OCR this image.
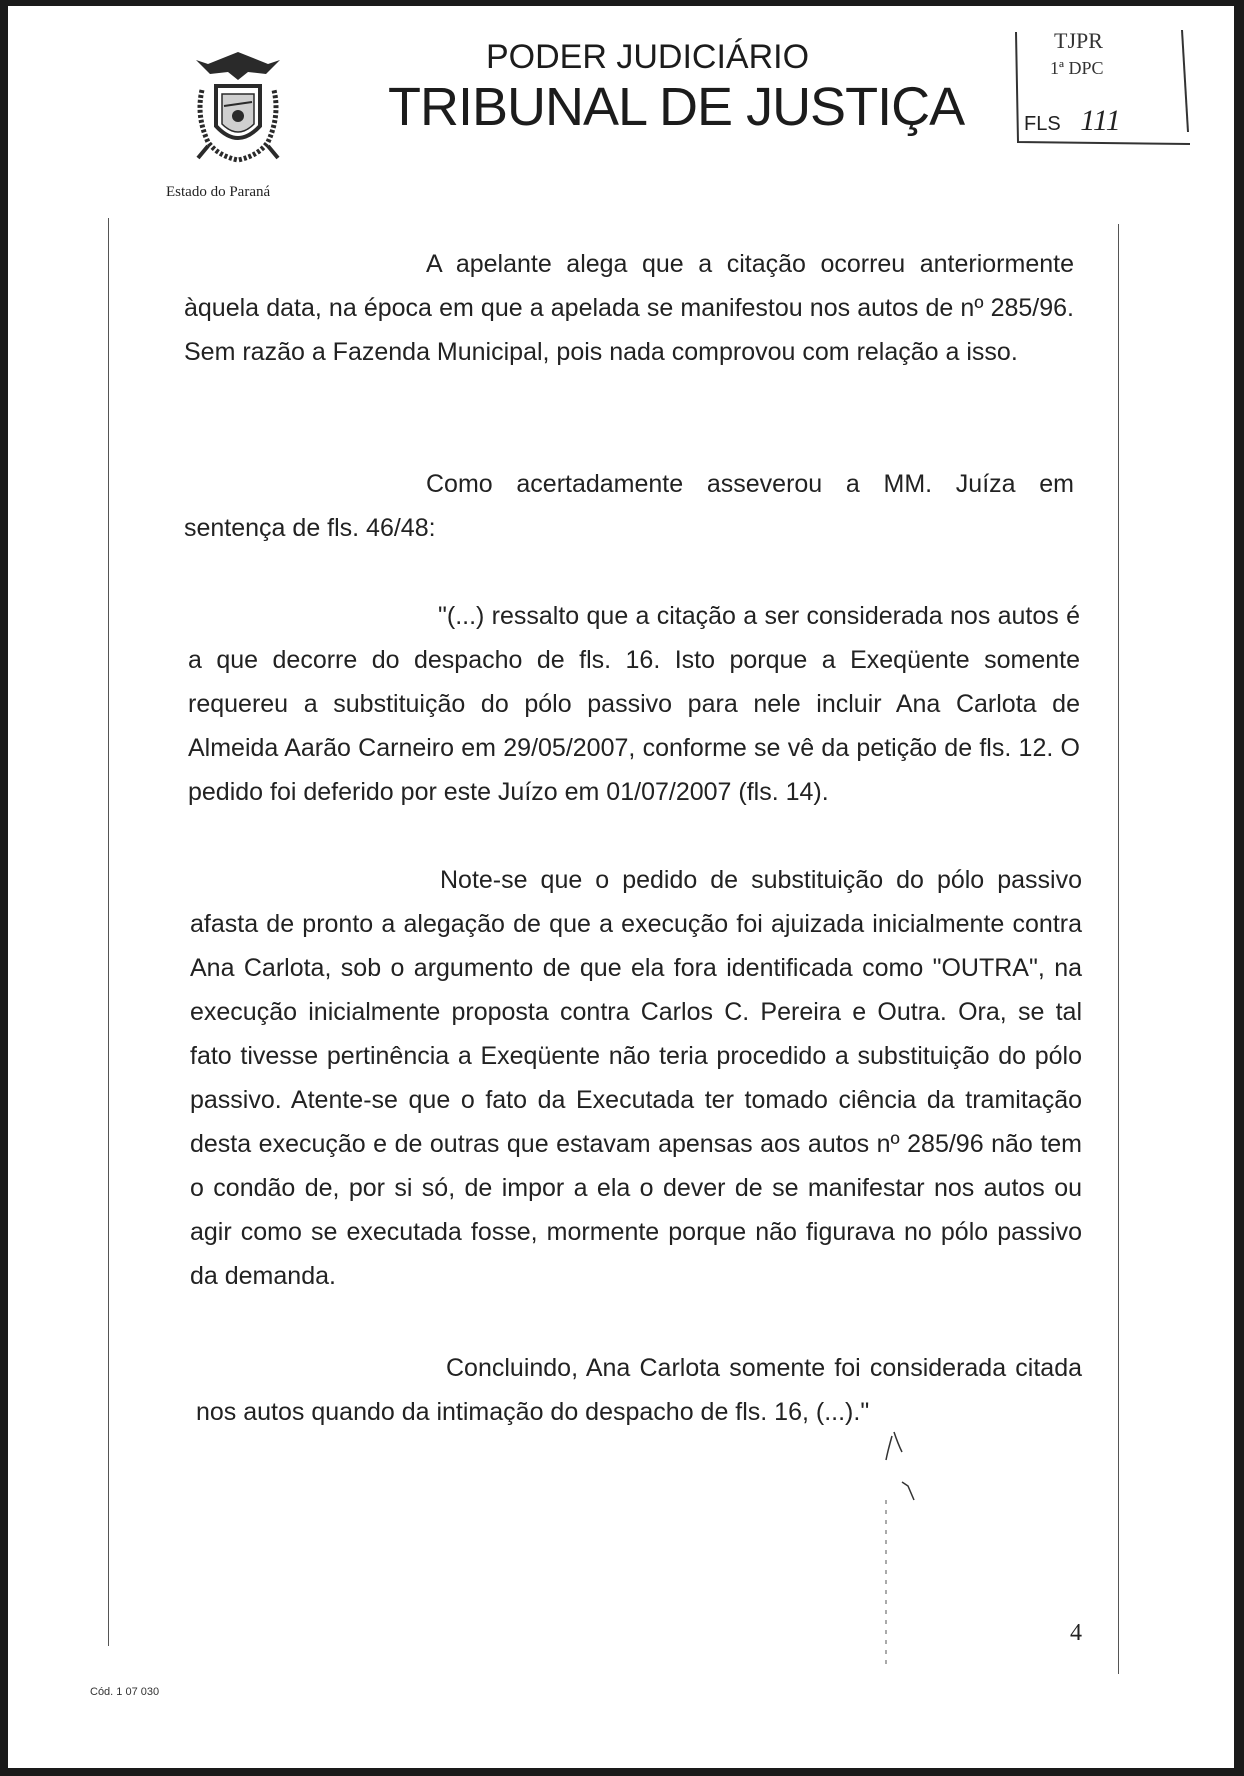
PODER JUDICIÁRIO
TRIBUNAL DE JUSTIÇA
Estado do Paraná
TJPR
1ª DPC
FLS 111

A apelante alega que a citação ocorreu anteriormente àquela data, na época em que a apelada se manifestou nos autos de nº 285/96. Sem razão a Fazenda Municipal, pois nada comprovou com relação a isso.

Como acertadamente asseverou a MM. Juíza em sentença de fls. 46/48:

"(...) ressalto que a citação a ser considerada nos autos é a que decorre do despacho de fls. 16. Isto porque a Exeqüente somente requereu a substituição do pólo passivo para nele incluir Ana Carlota de Almeida Aarão Carneiro em 29/05/2007, conforme se vê da petição de fls. 12. O pedido foi deferido por este Juízo em 01/07/2007 (fls. 14).

Note-se que o pedido de substituição do pólo passivo afasta de pronto a alegação de que a execução foi ajuizada inicialmente contra Ana Carlota, sob o argumento de que ela fora identificada como "OUTRA", na execução inicialmente proposta contra Carlos C. Pereira e Outra. Ora, se tal fato tivesse pertinência a Exeqüente não teria procedido a substituição do pólo passivo. Atente-se que o fato da Executada ter tomado ciência da tramitação desta execução e de outras que estavam apensas aos autos nº 285/96 não tem o condão de, por si só, de impor a ela o dever de se manifestar nos autos ou agir como se executada fosse, mormente porque não figurava no pólo passivo da demanda.

Concluindo, Ana Carlota somente foi considerada citada nos autos quando da intimação do despacho de fls. 16, (...)."

4
Cód. 1 07 030
